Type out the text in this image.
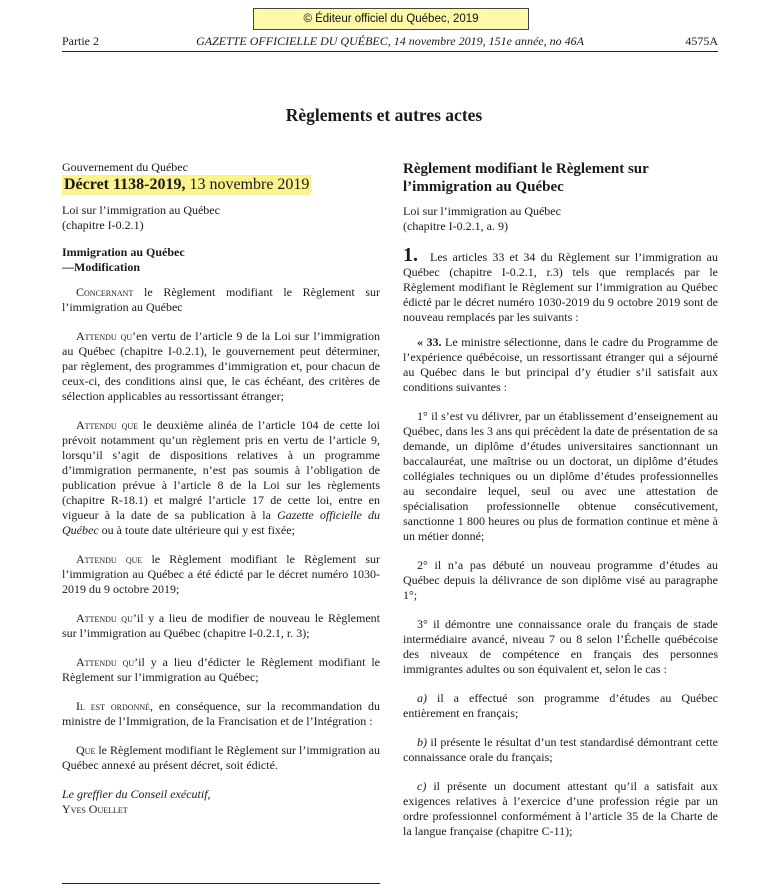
© Éditeur officiel du Québec, 2019
Partie 2	GAZETTE OFFICIELLE DU QUÉBEC, 14 novembre 2019, 151e année, no 46A	4575A
Règlements et autres actes

Gouvernement du Québec

Décret 1138-2019, 13 novembre 2019

Loi sur l’immigration au Québec

(chapitre I-0.2.1)

Immigration au Québec

—Modification

Concernant le Règlement modifiant le Règlement sur l’immigration au Québec

Attendu qu’en vertu de l’article 9 de la Loi sur l’immigration au Québec (chapitre I-0.2.1), le gouvernement peut déterminer, par règlement, des programmes d’immigration et, pour chacun de ceux-ci, des conditions ainsi que, le cas échéant, des critères de sélection applicables au ressortissant étranger;

Attendu que le deuxième alinéa de l’article 104 de cette loi prévoit notamment qu’un règlement pris en vertu de l’article 9, lorsqu’il s’agit de dispositions relatives à un programme d’immigration permanente, n’est pas soumis à l’obligation de publication prévue à l’article 8 de la Loi sur les règlements (chapitre R-18.1) et malgré l’article 17 de cette loi, entre en vigueur à la date de sa publication à la Gazette officielle du Québec ou à toute date ultérieure qui y est fixée;

Attendu que le Règlement modifiant le Règlement sur l’immigration au Québec a été édicté par le décret numéro 1030-2019 du 9 octobre 2019;

Attendu qu’il y a lieu de modifier de nouveau le Règlement sur l’immigration au Québec (chapitre I-0.2.1, r. 3);

Attendu qu’il y a lieu d’édicter le Règlement modifiant le Règlement sur l’immigration au Québec;

Il est ordonné, en conséquence, sur la recommandation du ministre de l’Immigration, de la Francisation et de l’Intégration :

Que le Règlement modifiant le Règlement sur l’immigration au Québec annexé au présent décret, soit édicté.

Le greffier du Conseil exécutif,

Yves Ouellet

Règlement modifiant le Règlement sur l’immigration au Québec

Loi sur l’immigration au Québec

(chapitre I-0.2.1, a. 9)

1. Les articles 33 et 34 du Règlement sur l’immigration au Québec (chapitre I-0.2.1, r.3) tels que remplacés par le Règlement modifiant le Règlement sur l’immigration au Québec édicté par le décret numéro 1030-2019 du 9 octobre 2019 sont de nouveau remplacés par les suivants :

« 33. Le ministre sélectionne, dans le cadre du Programme de l’expérience québécoise, un ressortissant étranger qui a séjourné au Québec dans le but principal d’y étudier s’il satisfait aux conditions suivantes :

1° il s’est vu délivrer, par un établissement d’enseignement au Québec, dans les 3 ans qui précèdent la date de présentation de sa demande, un diplôme d’études universitaires sanctionnant un baccalauréat, une maîtrise ou un doctorat, un diplôme d’études collégiales techniques ou un diplôme d’études professionnelles au secondaire lequel, seul ou avec une attestation de spécialisation professionnelle obtenue consécutivement, sanctionne 1 800 heures ou plus de formation continue et mène à un métier donné;

2° il n’a pas débuté un nouveau programme d’études au Québec depuis la délivrance de son diplôme visé au paragraphe 1°;

3° il démontre une connaissance orale du français de stade intermédiaire avancé, niveau 7 ou 8 selon l’Échelle québécoise des niveaux de compétence en français des personnes immigrantes adultes ou son équivalent et, selon le cas :

a) il a effectué son programme d’études au Québec entièrement en français;

b) il présente le résultat d’un test standardisé démontrant cette connaissance orale du français;

c) il présente un document attestant qu’il a satisfait aux exigences relatives à l’exercice d’une profession régie par un ordre professionnel conformément à l’article 35 de la Charte de la langue française (chapitre C-11);
